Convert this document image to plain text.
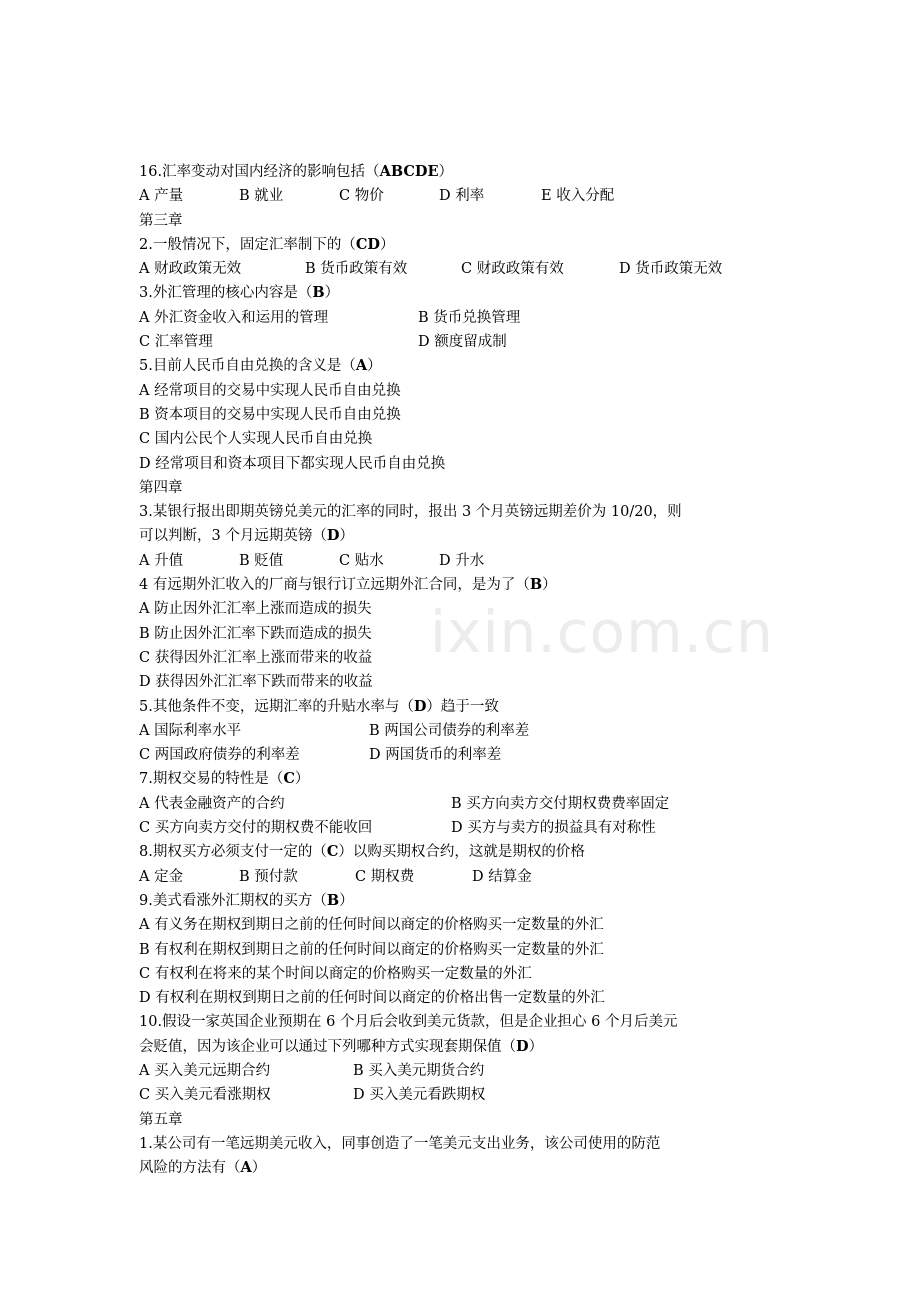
ixin.com.cn
16.汇率变动对国内经济的影响包括（ABCDE）
A 产量	B 就业	C 物价	D 利率	E 收入分配
第三章
2.一般情况下，固定汇率制下的（CD）
A 财政政策无效	B 货币政策有效	C 财政政策有效	D 货币政策无效
3.外汇管理的核心内容是（B）
A 外汇资金收入和运用的管理	B 货币兑换管理
C 汇率管理	D 额度留成制
5.目前人民币自由兑换的含义是（A）
A 经常项目的交易中实现人民币自由兑换
B 资本项目的交易中实现人民币自由兑换
C 国内公民个人实现人民币自由兑换
D 经常项目和资本项目下都实现人民币自由兑换
第四章
3.某银行报出即期英镑兑美元的汇率的同时，报出 3 个月英镑远期差价为 10/20，则
可以判断，3 个月远期英镑（D）
A 升值	B 贬值	C 贴水	D 升水
4 有远期外汇收入的厂商与银行订立远期外汇合同，是为了（B）
A 防止因外汇汇率上涨而造成的损失
B 防止因外汇汇率下跌而造成的损失
C 获得因外汇汇率上涨而带来的收益
D 获得因外汇汇率下跌而带来的收益
5.其他条件不变，远期汇率的升贴水率与（D）趋于一致
A 国际利率水平	B 两国公司债券的利率差
C 两国政府债券的利率差	D 两国货币的利率差
7.期权交易的特性是（C）
A 代表金融资产的合约	B 买方向卖方交付期权费费率固定
C 买方向卖方交付的期权费不能收回	D 买方与卖方的损益具有对称性
8.期权买方必须支付一定的（C）以购买期权合约，这就是期权的价格
A 定金	B 预付款	C 期权费	D 结算金
9.美式看涨外汇期权的买方（B）
A 有义务在期权到期日之前的任何时间以商定的价格购买一定数量的外汇
B 有权利在期权到期日之前的任何时间以商定的价格购买一定数量的外汇
C 有权利在将来的某个时间以商定的价格购买一定数量的外汇
D 有权利在期权到期日之前的任何时间以商定的价格出售一定数量的外汇
10.假设一家英国企业预期在 6 个月后会收到美元货款，但是企业担心 6 个月后美元
会贬值，因为该企业可以通过下列哪种方式实现套期保值（D）
A 买入美元远期合约	B 买入美元期货合约
C 买入美元看涨期权	D 买入美元看跌期权
第五章
1.某公司有一笔远期美元收入，同事创造了一笔美元支出业务，该公司使用的防范
风险的方法有（A）
